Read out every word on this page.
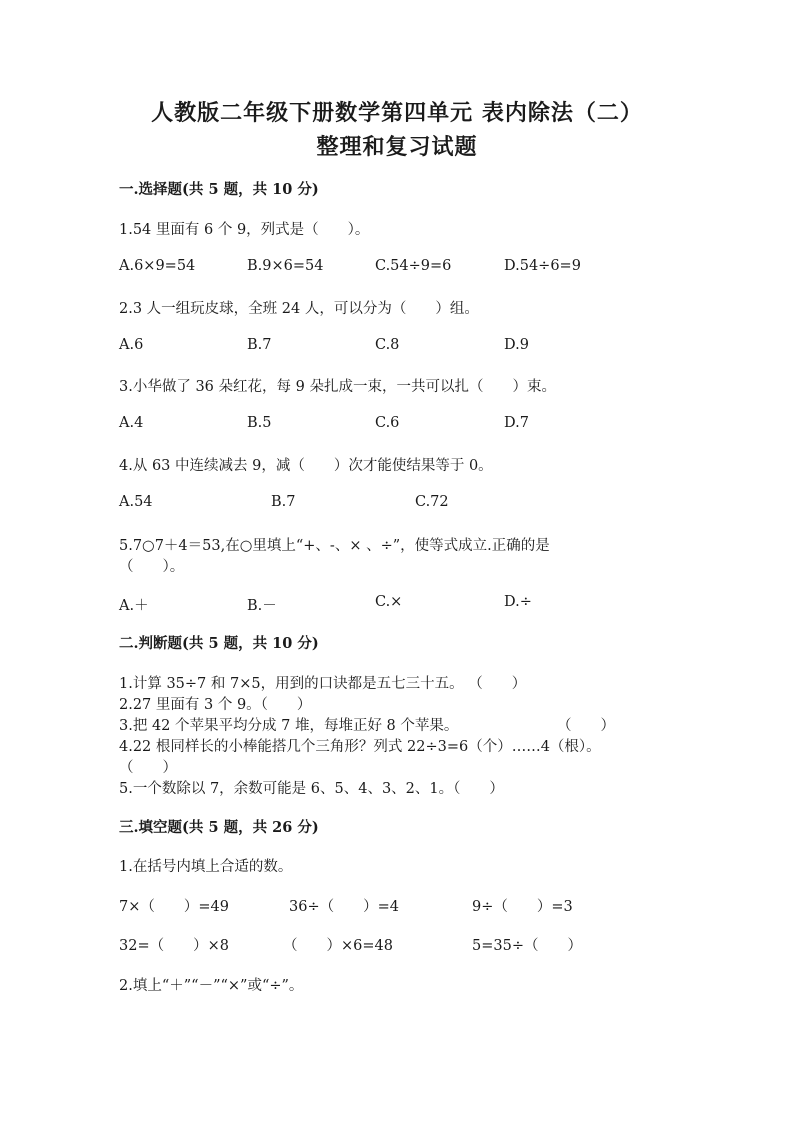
人教版二年级下册数学第四单元 表内除法（二）
整理和复习试题
一.选择题(共 5 题，共 10 分)
1.54 里面有 6 个 9，列式是（　　）。
A.6×9=54	B.9×6=54	C.54÷9=6	D.54÷6=9
2.3 人一组玩皮球，全班 24 人，可以分为（　　）组。
A.6	B.7	C.8	D.9
3.小华做了 36 朵红花，每 9 朵扎成一束，一共可以扎（　　）束。
A.4	B.5	C.6	D.7
4.从 63 中连续减去 9，减（　　）次才能使结果等于 0。
A.54	B.7	C.72
5.7○7＋4＝53,在○里填上“+、-、× 、÷”，使等式成立.正确的是
（　　）。
A.＋	B.－	C.×	D.÷
二.判断题(共 5 题，共 10 分)
1.计算 35÷7 和 7×5，用到的口诀都是五七三十五。 （　　）
2.27 里面有 3 个 9。（　　）
3.把 42 个苹果平均分成 7 堆，每堆正好 8 个苹果。	（　　）
4.22 根同样长的小棒能搭几个三角形？列式 22÷3=6（个）……4（根）。
（　　）
5.一个数除以 7，余数可能是 6、5、4、3、2、1。（　　）
三.填空题(共 5 题，共 26 分)
1.在括号内填上合适的数。
7×（　　）=49	36÷（　　）=4	9÷（　　）=3
32=（　　）×8	（　　）×6=48	5=35÷（　　）
2.填上“＋”“－”“×”或“÷”。
